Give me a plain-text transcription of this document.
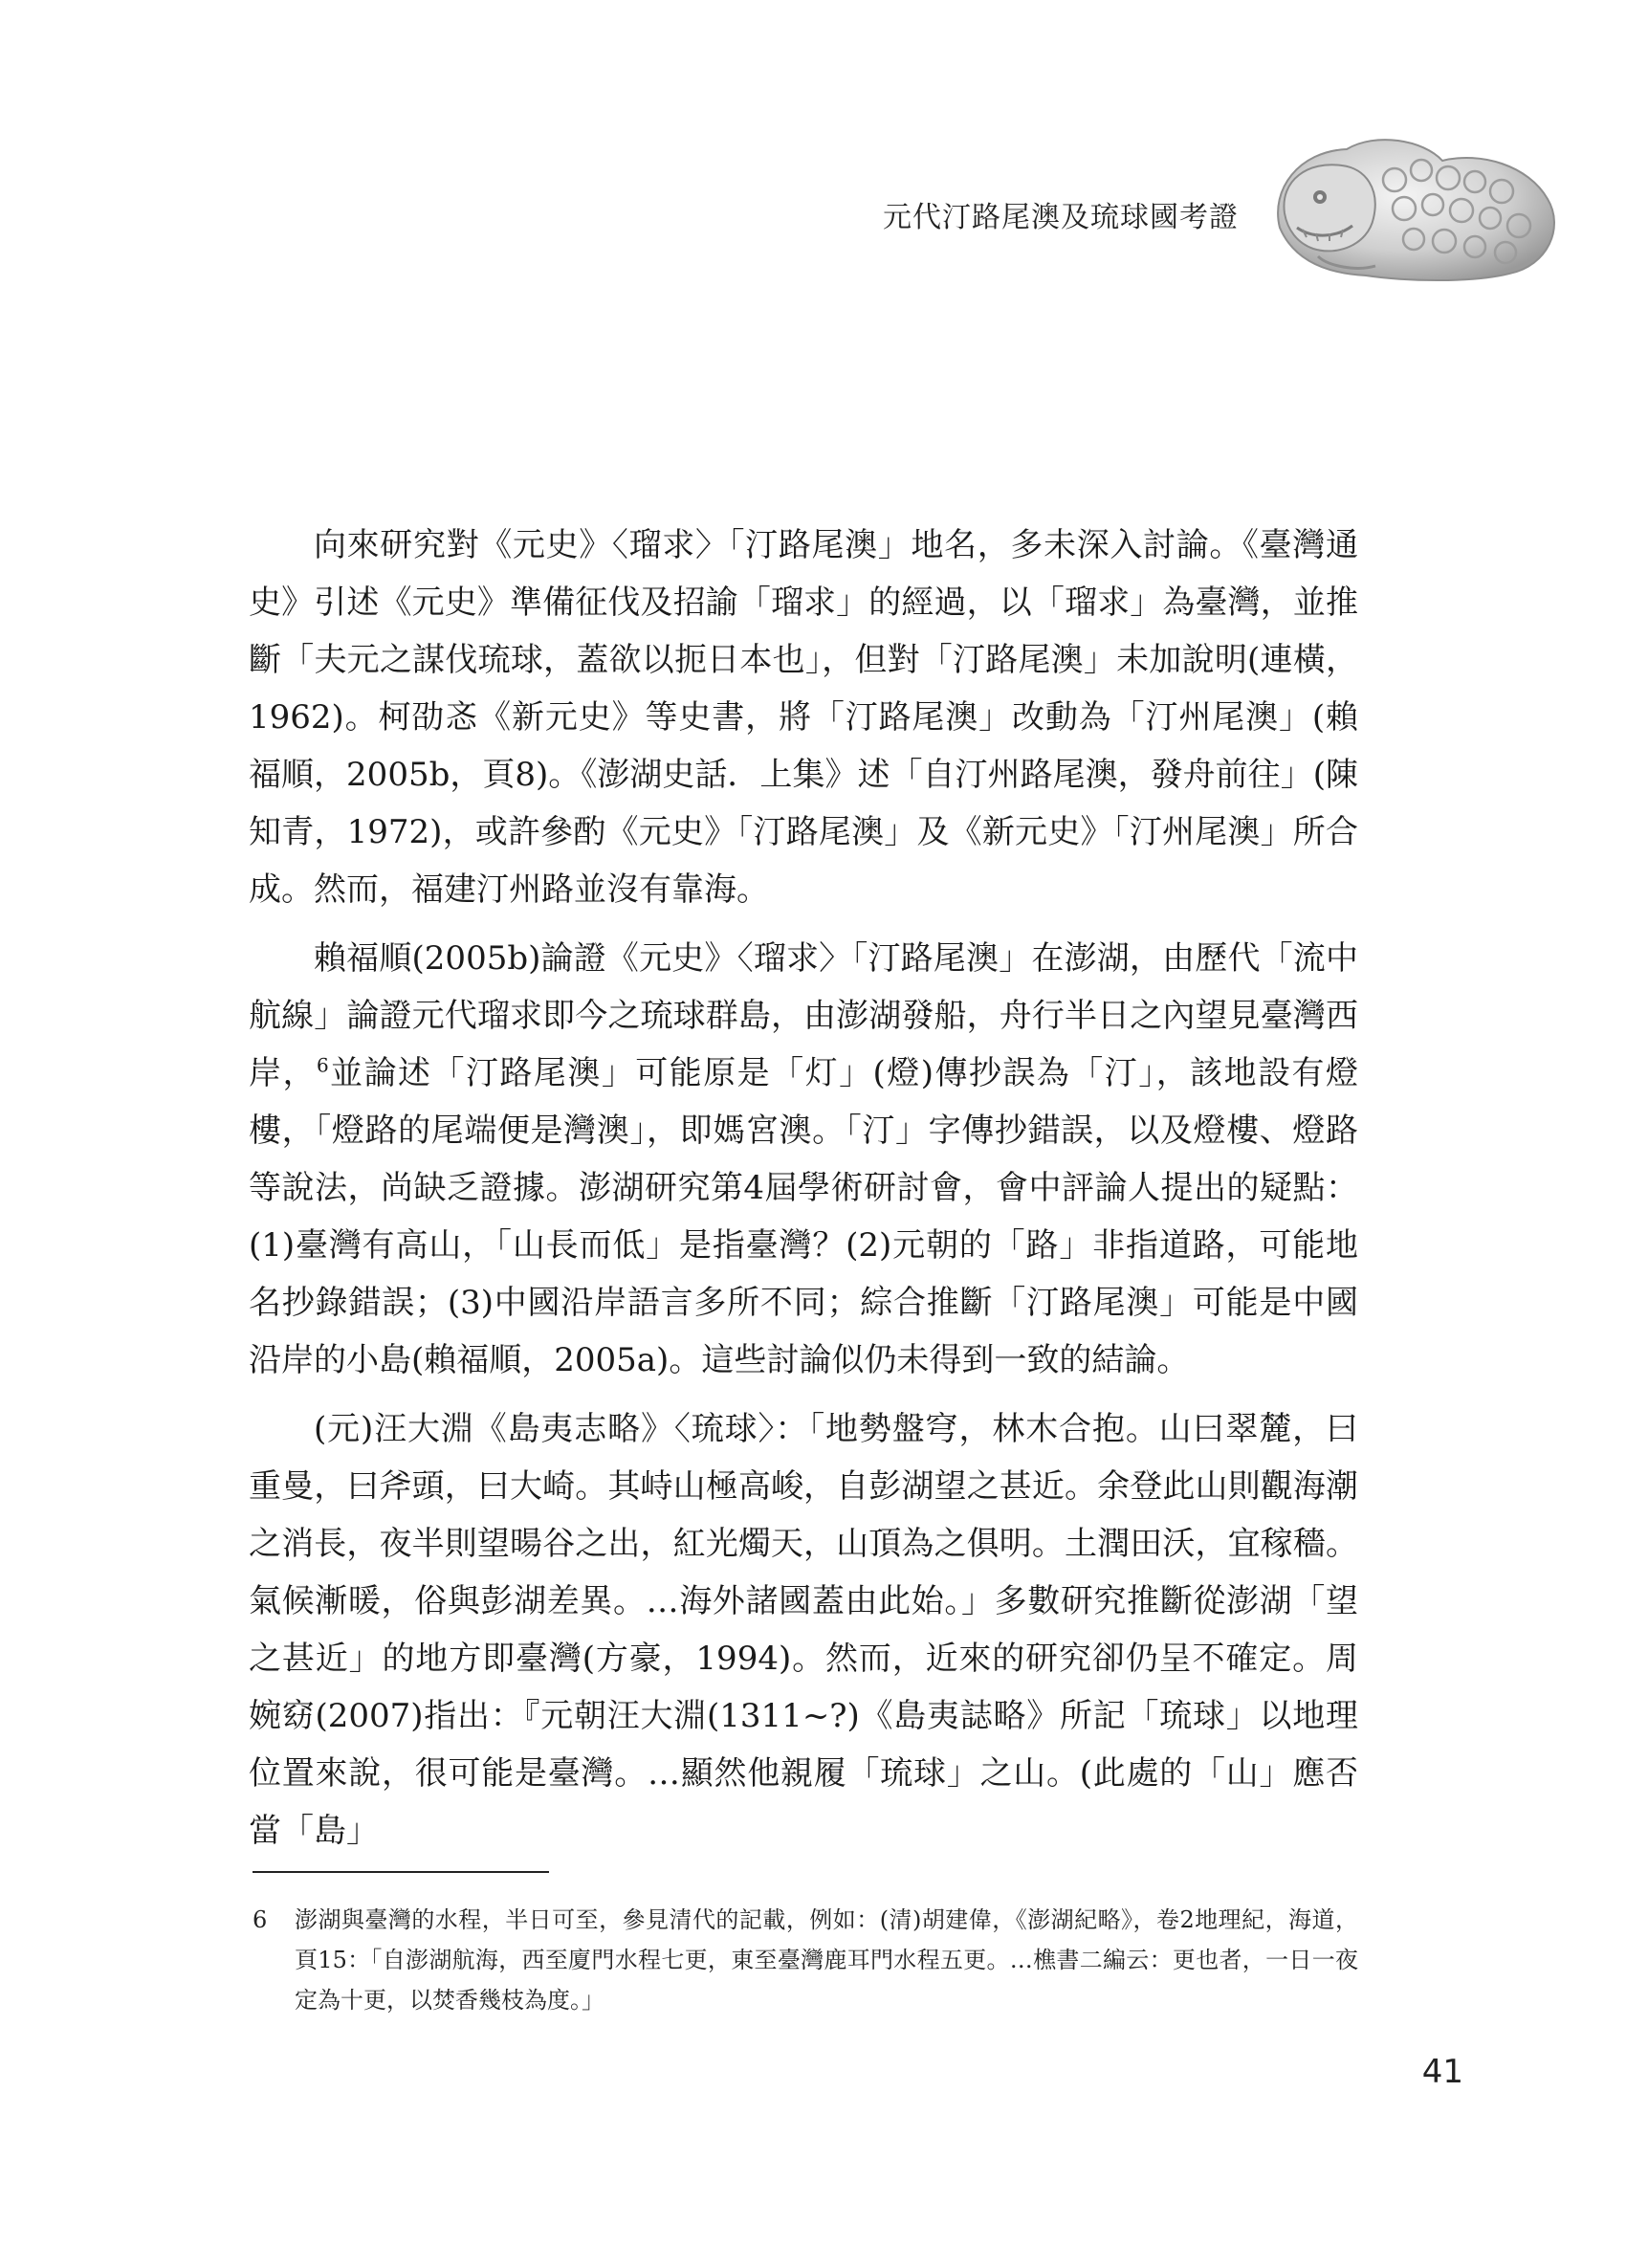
元代汀路尾澳及琉球國考證

向來研究對《元史》〈瑠求〉「汀路尾澳」地名，多未深入討論。《臺灣通史》引述《元史》準備征伐及招諭「瑠求」的經過，以「瑠求」為臺灣，並推斷「夫元之謀伐琉球，蓋欲以扼日本也」，但對「汀路尾澳」未加說明(連橫，1962)。柯劭忞《新元史》等史書，將「汀路尾澳」改動為「汀州尾澳」(賴福順，2005b，頁8)。《澎湖史話．上集》述「自汀州路尾澳，發舟前往」(陳知青，1972)，或許參酌《元史》「汀路尾澳」及《新元史》「汀州尾澳」所合成。然而，福建汀州路並沒有靠海。

賴福順(2005b)論證《元史》〈瑠求〉「汀路尾澳」在澎湖，由歷代「流中航線」論證元代瑠求即今之琉球群島，由澎湖發船，舟行半日之內望見臺灣西岸，$^6$並論述「汀路尾澳」可能原是「灯」(燈)傳抄誤為「汀」，該地設有燈樓，「燈路的尾端便是灣澳」，即媽宮澳。「汀」字傳抄錯誤，以及燈樓、燈路等說法，尚缺乏證據。澎湖研究第4屆學術研討會，會中評論人提出的疑點：(1)臺灣有高山，「山長而低」是指臺灣？(2)元朝的「路」非指道路，可能地名抄錄錯誤；(3)中國沿岸語言多所不同；綜合推斷「汀路尾澳」可能是中國沿岸的小島(賴福順，2005a)。這些討論似仍未得到一致的結論。

(元)汪大淵《島夷志略》〈琉球〉：「地勢盤穹，林木合抱。山曰翠麓，曰重曼，曰斧頭，曰大崎。其峙山極高峻，自彭湖望之甚近。余登此山則觀海潮之消長，夜半則望暘谷之出，紅光燭天，山頂為之俱明。土潤田沃，宜稼穡。氣候漸暖，俗與彭湖差異。…海外諸國蓋由此始。」多數研究推斷從澎湖「望之甚近」的地方即臺灣(方豪，1994)。然而，近來的研究卻仍呈不確定。周婉窈(2007)指出：『元朝汪大淵(1311~?)《島夷誌略》所記「琉球」以地理位置來說，很可能是臺灣。…顯然他親履「琉球」之山。(此處的「山」應否當「島」

6 澎湖與臺灣的水程，半日可至，參見清代的記載，例如：(清)胡建偉，《澎湖紀略》，卷2地理紀，海道，頁15：「自澎湖航海，西至廈門水程七更，東至臺灣鹿耳門水程五更。…樵書二編云：更也者，一日一夜定為十更，以焚香幾枝為度。」
41
